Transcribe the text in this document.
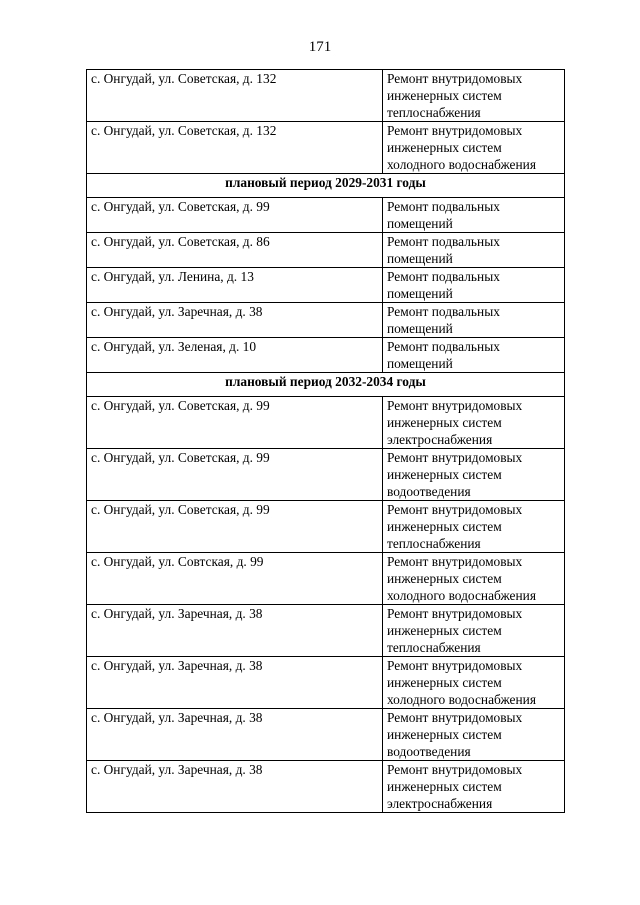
171
с. Онгудай, ул. Советская, д. 132	Ремонт внутридомовых
инженерных систем
теплоснабжения

с. Онгудай, ул. Советская, д. 132	Ремонт внутридомовых
инженерных систем
холодного водоснабжения

плановый период 2029-2031 годы	
с. Онгудай, ул. Советская, д. 99	Ремонт подвальных
помещений

с. Онгудай, ул. Советская, д. 86	Ремонт подвальных
помещений

с. Онгудай, ул. Ленина, д. 13	Ремонт подвальных
помещений

с. Онгудай, ул. Заречная, д. 38	Ремонт подвальных
помещений

с. Онгудай, ул. Зеленая, д. 10	Ремонт подвальных
помещений

плановый период 2032-2034 годы	
с. Онгудай, ул. Советская, д. 99	Ремонт внутридомовых
инженерных систем
электроснабжения

с. Онгудай, ул. Советская, д. 99	Ремонт внутридомовых
инженерных систем
водоотведения

с. Онгудай, ул. Советская, д. 99	Ремонт внутридомовых
инженерных систем
теплоснабжения

с. Онгудай, ул. Совтская, д. 99	Ремонт внутридомовых
инженерных систем
холодного водоснабжения

с. Онгудай, ул. Заречная, д. 38	Ремонт внутридомовых
инженерных систем
теплоснабжения

с. Онгудай, ул. Заречная, д. 38	Ремонт внутридомовых
инженерных систем
холодного водоснабжения

с. Онгудай, ул. Заречная, д. 38	Ремонт внутридомовых
инженерных систем
водоотведения

с. Онгудай, ул. Заречная, д. 38	Ремонт внутридомовых
инженерных систем
электроснабжения
